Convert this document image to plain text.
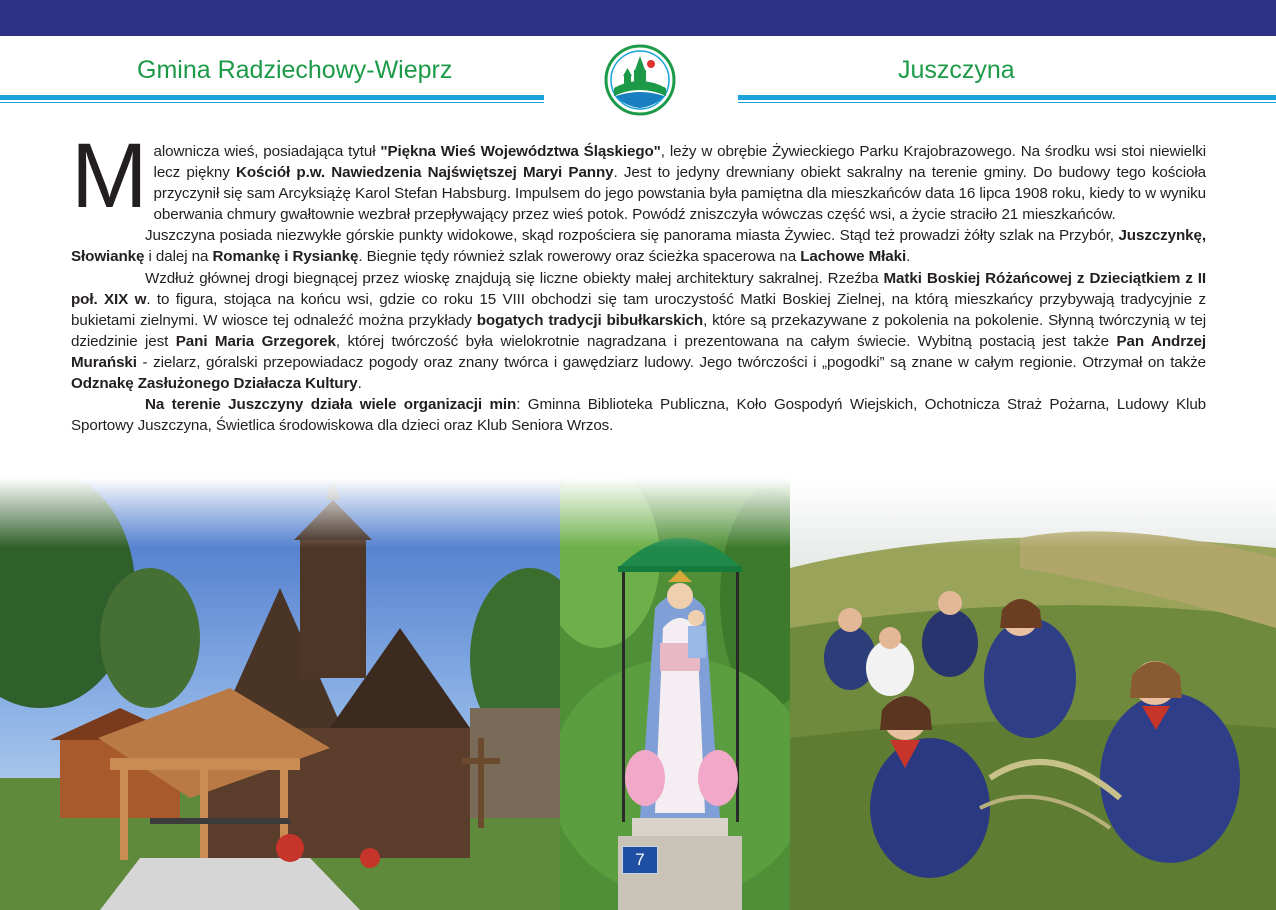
Gmina Radziechowy-Wieprz	Juszczyna

Malownicza wieś, posiadająca tytuł "Piękna Wieś Województwa Śląskiego", leży w obrębie Żywieckiego Parku Krajobrazowego. Na środku wsi stoi niewielki lecz piękny Kościół p.w. Nawiedzenia Najświętszej Maryi Panny. Jest to jedyny drewniany obiekt sakralny na terenie gminy. Do budowy tego kościoła przyczynił się sam Arcyksiążę Karol Stefan Habsburg. Impulsem do jego powstania była pamiętna dla mieszkańców data 16 lipca 1908 roku, kiedy to w wyniku oberwania chmury gwałtownie wezbrał przepływający przez wieś potok. Powódź zniszczyła wówczas część wsi, a życie straciło 21 mieszkańców.

Juszczyna posiada niezwykłe górskie punkty widokowe, skąd rozpościera się panorama miasta Żywiec. Stąd też prowadzi żółty szlak na Przybór, Juszczynkę, Słowiankę i dalej na Romankę i Rysiankę. Biegnie tędy również szlak rowerowy oraz ścieżka spacerowa na Lachowe Młaki.

Wzdłuż głównej drogi biegnącej przez wioskę znajdują się liczne obiekty małej architektury sakralnej. Rzeźba Matki Boskiej Różańcowej z Dzieciątkiem z II poł. XIX w. to figura, stojąca na końcu wsi, gdzie co roku 15 VIII obchodzi się tam uroczystość Matki Boskiej Zielnej, na którą mieszkańcy przybywają tradycyjnie z bukietami zielnymi. W wiosce tej odnaleźć można przykłady bogatych tradycji bibułkarskich, które są przekazywane z pokolenia na pokolenie. Słynną twórczynią w tej dziedzinie jest Pani Maria Grzegorek, której twórczość była wielokrotnie nagradzana i prezentowana na całym świecie. Wybitną postacią jest także Pan Andrzej Murański - zielarz, góralski przepowiadacz pogody oraz znany twórca i gawędziarz ludowy. Jego twórczości i „pogodki” są znane w całym regionie. Otrzymał on także Odznakę Zasłużonego Działacza Kultury.

Na terenie Juszczyny działa wiele organizacji min: Gminna Biblioteka Publiczna, Koło Gospodyń Wiejskich, Ochotnicza Straż Pożarna, Ludowy Klub Sportowy Juszczyna, Świetlica środowiskowa dla dzieci oraz Klub Seniora Wrzos.

7
